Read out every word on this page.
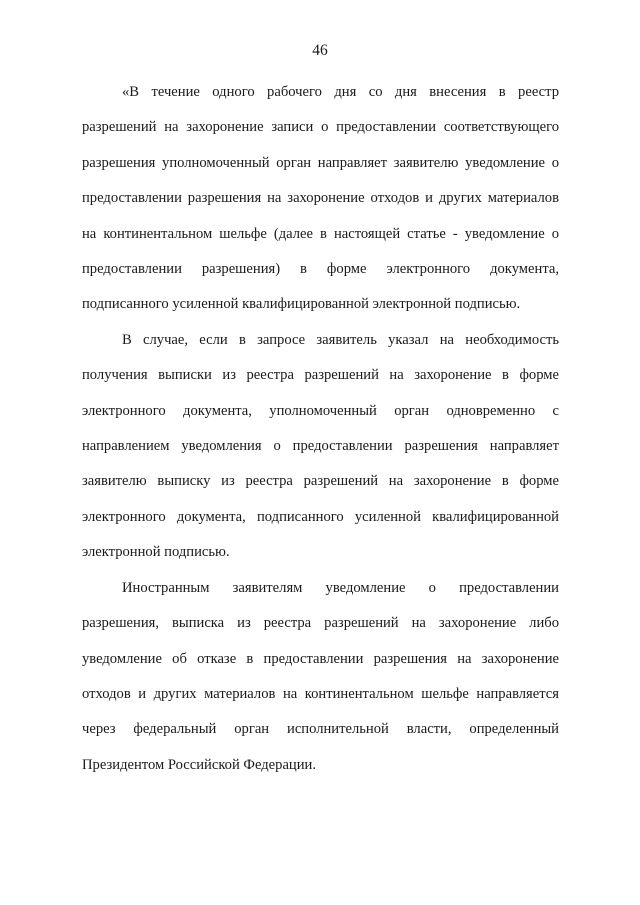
46

«В течение одного рабочего дня со дня внесения в реестр
разрешений на захоронение записи о предоставлении соответствующего
разрешения уполномоченный орган направляет заявителю уведомление о
предоставлении разрешения на захоронение отходов и других материалов
на континентальном шельфе (далее в настоящей статье - уведомление о
предоставлении разрешения) в форме электронного документа,
подписанного усиленной квалифицированной электронной подписью.

В случае, если в запросе заявитель указал на необходимость
получения выписки из реестра разрешений на захоронение в форме
электронного документа, уполномоченный орган одновременно с
направлением уведомления о предоставлении разрешения направляет
заявителю выписку из реестра разрешений на захоронение в форме
электронного документа, подписанного усиленной квалифицированной
электронной подписью.

Иностранным заявителям уведомление о предоставлении
разрешения, выписка из реестра разрешений на захоронение либо
уведомление об отказе в предоставлении разрешения на захоронение
отходов и других материалов на континентальном шельфе направляется
через федеральный орган исполнительной власти, определенный
Президентом Российской Федерации.
